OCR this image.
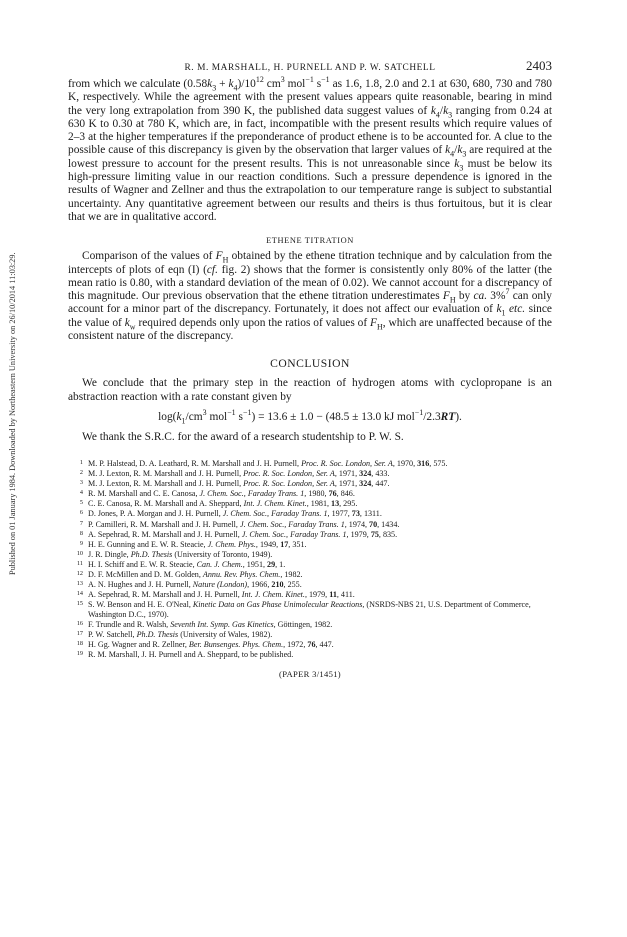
Published on 01 January 1984. Downloaded by Northeastern University on 26/10/2014 11:03:29.
R. M. MARSHALL, H. PURNELL AND P. W. SATCHELL	2403

from which we calculate $(0.58k_3 + k_4)/10^{12}$ $cm^3$ mol$^{-1}$ $s^{-1}$ as 1.6, 1.8, 2.0 and 2.1 at 630, 680, 730 and 780 K, respectively. While the agreement with the present values appears quite reasonable, bearing in mind the very long extrapolation from 390 K, the published data suggest values of $k_4/k_3$ ranging from 0.24 at 630 K to 0.30 at 780 K, which are, in fact, incompatible with the present results which require values of 2–3 at the higher temperatures if the preponderance of product ethene is to be accounted for. A clue to the possible cause of this discrepancy is given by the observation that larger values of $k_4/k_3$ are required at the lowest pressure to account for the present results. This is not unreasonable since $k_3$ must be below its high-pressure limiting value in our reaction conditions. Such a pressure dependence is ignored in the results of Wagner and Zellner and thus the extrapolation to our temperature range is subject to substantial uncertainty. Any quantitative agreement between our results and theirs is thus fortuitous, but it is clear that we are in qualitative accord.

ETHENE TITRATION

Comparison of the values of $F_H$ obtained by the ethene titration technique and by calculation from the intercepts of plots of eqn (I) (cf. fig. 2) shows that the former is consistently only 80% of the latter (the mean ratio is 0.80, with a standard deviation of the mean of 0.02). We cannot account for a discrepancy of this magnitude. Our previous observation that the ethene titration underestimates $F_H$ by ca. 3%$^7$ can only account for a minor part of the discrepancy. Fortunately, it does not affect our evaluation of $k_1$ etc. since the value of $k_w$ required depends only upon the ratios of values of $F_H$, which are unaffected because of the consistent nature of the discrepancy.

CONCLUSION

We conclude that the primary step in the reaction of hydrogen atoms with cyclopropane is an abstraction reaction with a rate constant given by

$\log(k_1/cm^3$ mol$^{-1}$ $s^{-1}) = 13.6 \pm 1.0 - (48.5 \pm 13.0$ kJ mol$^{-1}$/2.3RT).

We thank the S.R.C. for the award of a research studentship to P. W. S.

1 M. P. Halstead, D. A. Leathard, R. M. Marshall and J. H. Purnell, Proc. R. Soc. London, Ser. A, 1970, 316, 575.
2 M. J. Lexton, R. M. Marshall and J. H. Purnell, Proc. R. Soc. London, Ser. A, 1971, 324, 433.
3 M. J. Lexton, R. M. Marshall and J. H. Purnell, Proc. R. Soc. London, Ser. A, 1971, 324, 447.
4 R. M. Marshall and C. E. Canosa, J. Chem. Soc., Faraday Trans. 1, 1980, 76, 846.
5 C. E. Canosa, R. M. Marshall and A. Sheppard, Int. J. Chem. Kinet., 1981, 13, 295.
6 D. Jones, P. A. Morgan and J. H. Purnell, J. Chem. Soc., Faraday Trans. 1, 1977, 73, 1311.
7 P. Camilleri, R. M. Marshall and J. H. Purnell, J. Chem. Soc., Faraday Trans. 1, 1974, 70, 1434.
8 A. Sepehrad, R. M. Marshall and J. H. Purnell, J. Chem. Soc., Faraday Trans. 1, 1979, 75, 835.
9 H. E. Gunning and E. W. R. Steacie, J. Chem. Phys., 1949, 17, 351.
10 J. R. Dingle, Ph.D. Thesis (University of Toronto, 1949).
11 H. I. Schiff and E. W. R. Steacie, Can. J. Chem., 1951, 29, 1.
12 D. F. McMillen and D. M. Golden, Annu. Rev. Phys. Chem., 1982.
13 A. N. Hughes and J. H. Purnell, Nature (London), 1966, 210, 255.
14 A. Sepehrad, R. M. Marshall and J. H. Purnell, Int. J. Chem. Kinet., 1979, 11, 411.
15 S. W. Benson and H. E. O'Neal, Kinetic Data on Gas Phase Unimolecular Reactions, (NSRDS-NBS 21, U.S. Department of Commerce, Washington D.C., 1970).
16 F. Trundle and R. Walsh, Seventh Int. Symp. Gas Kinetics, Göttingen, 1982.
17 P. W. Satchell, Ph.D. Thesis (University of Wales, 1982).
18 H. Gg. Wagner and R. Zellner, Ber. Bunsenges. Phys. Chem., 1972, 76, 447.
19 R. M. Marshall, J. H. Purnell and A. Sheppard, to be published.
(PAPER 3/1451)
